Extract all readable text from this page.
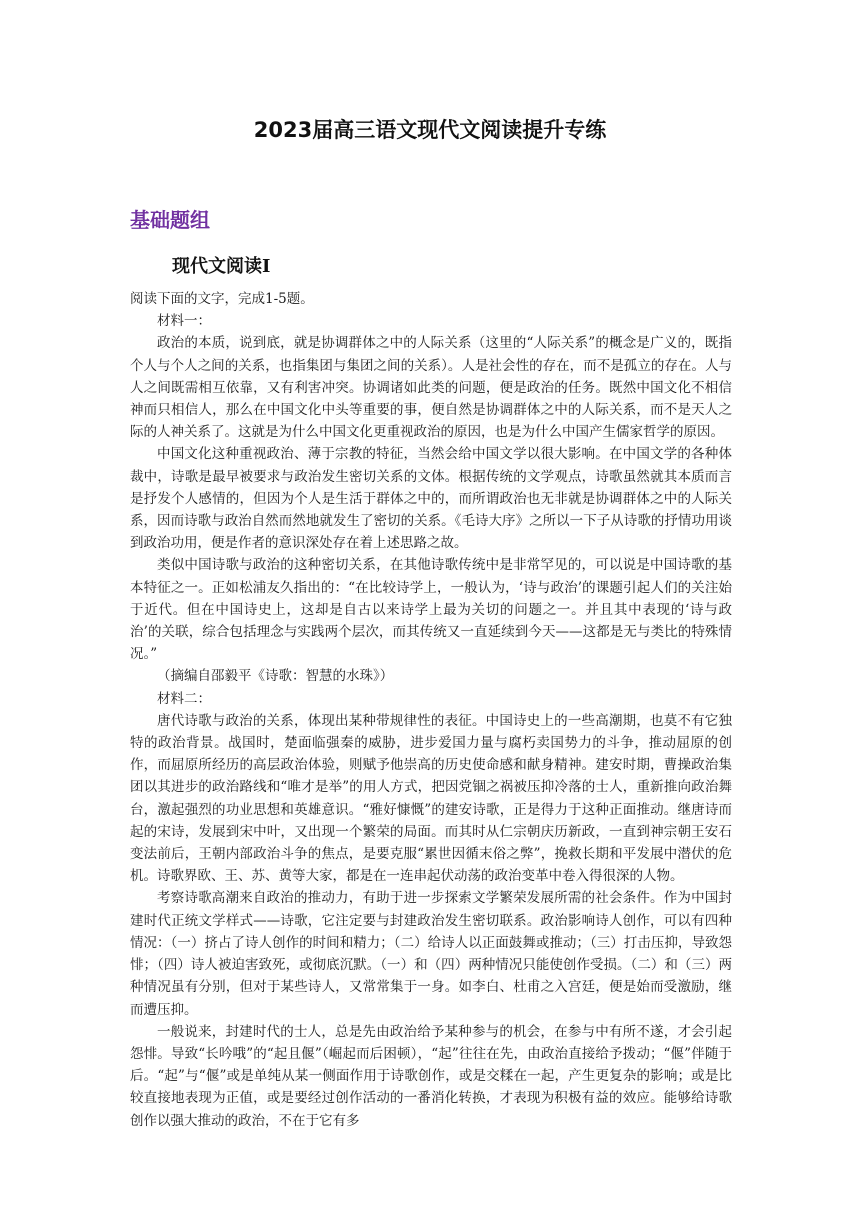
2023届高三语文现代文阅读提升专练
基础题组
现代文阅读Ⅰ

阅读下面的文字，完成1-5题。

材料一：

政治的本质，说到底，就是协调群体之中的人际关系（这里的“人际关系”的概念是广义的，既指个人与个人之间的关系，也指集团与集团之间的关系）。人是社会性的存在，而不是孤立的存在。人与人之间既需相互依靠，又有利害冲突。协调诸如此类的问题，便是政治的任务。既然中国文化不相信神而只相信人，那么在中国文化中头等重要的事，便自然是协调群体之中的人际关系，而不是天人之际的人神关系了。这就是为什么中国文化更重视政治的原因，也是为什么中国产生儒家哲学的原因。

中国文化这种重视政治、薄于宗教的特征，当然会给中国文学以很大影响。在中国文学的各种体裁中，诗歌是最早被要求与政治发生密切关系的文体。根据传统的文学观点，诗歌虽然就其本质而言是抒发个人感情的，但因为个人是生活于群体之中的，而所谓政治也无非就是协调群体之中的人际关系，因而诗歌与政治自然而然地就发生了密切的关系。《毛诗大序》之所以一下子从诗歌的抒情功用谈到政治功用，便是作者的意识深处存在着上述思路之故。

类似中国诗歌与政治的这种密切关系，在其他诗歌传统中是非常罕见的，可以说是中国诗歌的基本特征之一。正如松浦友久指出的：“在比较诗学上，一般认为，‘诗与政治’的课题引起人们的关注始于近代。但在中国诗史上，这却是自古以来诗学上最为关切的问题之一。并且其中表现的‘诗与政治’的关联，综合包括理念与实践两个层次，而其传统又一直延续到今天——这都是无与类比的特殊情况。”

（摘编自邵毅平《诗歌：智慧的水珠》）

材料二：

唐代诗歌与政治的关系，体现出某种带规律性的表征。中国诗史上的一些高潮期，也莫不有它独特的政治背景。战国时，楚面临强秦的威胁，进步爱国力量与腐朽卖国势力的斗争，推动屈原的创作，而屈原所经历的高层政治体验，则赋予他崇高的历史使命感和献身精神。建安时期，曹操政治集团以其进步的政治路线和“唯才是举”的用人方式，把因党锢之祸被压抑冷落的士人，重新推向政治舞台，激起强烈的功业思想和英雄意识。“雅好慷慨”的建安诗歌，正是得力于这种正面推动。继唐诗而起的宋诗，发展到宋中叶，又出现一个繁荣的局面。而其时从仁宗朝庆历新政，一直到神宗朝王安石变法前后，王朝内部政治斗争的焦点，是要克服“累世因循末俗之弊”，挽救长期和平发展中潜伏的危机。诗歌界欧、王、苏、黄等大家，都是在一连串起伏动荡的政治变革中卷入得很深的人物。

考察诗歌高潮来自政治的推动力，有助于进一步探索文学繁荣发展所需的社会条件。作为中国封建时代正统文学样式——诗歌，它注定要与封建政治发生密切联系。政治影响诗人创作，可以有四种情况：（一）挤占了诗人创作的时间和精力；（二）给诗人以正面鼓舞或推动；（三）打击压抑，导致怨悱；（四）诗人被迫害致死，或彻底沉默。（一）和（四）两种情况只能使创作受损。（二）和（三）两种情况虽有分别，但对于某些诗人，又常常集于一身。如李白、杜甫之入宫廷，便是始而受激励，继而遭压抑。

一般说来，封建时代的士人，总是先由政治给予某种参与的机会，在参与中有所不遂，才会引起怨悱。导致“长吟哦”的“起且偃”（崛起而后困顿），“起”往往在先，由政治直接给予拨动；“偃”伴随于后。“起”与“偃”或是单纯从某一侧面作用于诗歌创作，或是交糅在一起，产生更复杂的影响；或是比较直接地表现为正值，或是要经过创作活动的一番消化转换，才表现为积极有益的效应。能够给诗歌创作以强大推动的政治，不在于它有多
